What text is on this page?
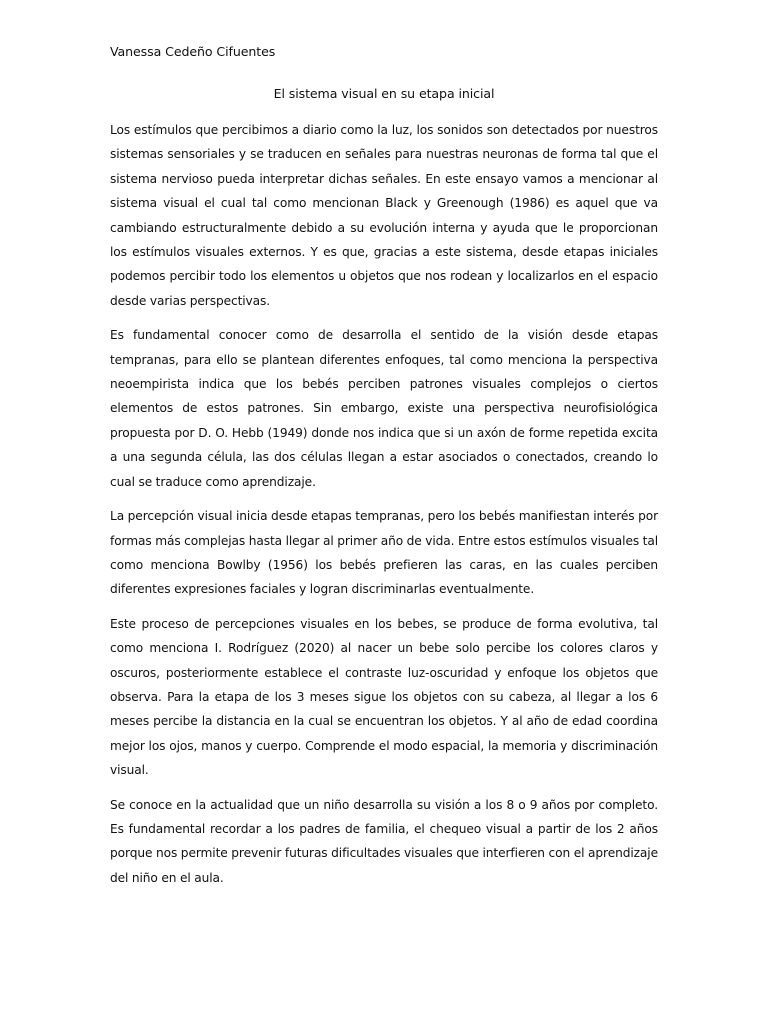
Vanessa Cedeño Cifuentes
El sistema visual en su etapa inicial

Los estímulos que percibimos a diario como la luz, los sonidos son detectados por nuestros sistemas sensoriales y se traducen en señales para nuestras neuronas de forma tal que el sistema nervioso pueda interpretar dichas señales. En este ensayo vamos a mencionar al sistema visual el cual tal como mencionan Black y Greenough (1986) es aquel que va cambiando estructuralmente debido a su evolución interna y ayuda que le proporcionan los estímulos visuales externos. Y es que, gracias a este sistema, desde etapas iniciales podemos percibir todo los elementos u objetos que nos rodean y localizarlos en el espacio desde varias perspectivas.

Es fundamental conocer como de desarrolla el sentido de la visión desde etapas tempranas, para ello se plantean diferentes enfoques, tal como menciona la perspectiva neoempirista indica que los bebés perciben patrones visuales complejos o ciertos elementos de estos patrones. Sin embargo, existe una perspectiva neurofisiológica propuesta por D. O. Hebb (1949) donde nos indica que si un axón de forme repetida excita a una segunda célula, las dos células llegan a estar asociados o conectados, creando lo cual se traduce como aprendizaje.

La percepción visual inicia desde etapas tempranas, pero los bebés manifiestan interés por formas más complejas hasta llegar al primer año de vida. Entre estos estímulos visuales tal como menciona Bowlby (1956) los bebés prefieren las caras, en las cuales perciben diferentes expresiones faciales y logran discriminarlas eventualmente.

Este proceso de percepciones visuales en los bebes, se produce de forma evolutiva, tal como menciona I. Rodríguez (2020) al nacer un bebe solo percibe los colores claros y oscuros, posteriormente establece el contraste luz-oscuridad y enfoque los objetos que observa. Para la etapa de los 3 meses sigue los objetos con su cabeza, al llegar a los 6 meses percibe la distancia en la cual se encuentran los objetos. Y al año de edad coordina mejor los ojos, manos y cuerpo. Comprende el modo espacial, la memoria y discriminación visual.

Se conoce en la actualidad que un niño desarrolla su visión a los 8 o 9 años por completo. Es fundamental recordar a los padres de familia, el chequeo visual a partir de los 2 años porque nos permite prevenir futuras dificultades visuales que interfieren con el aprendizaje del niño en el aula.
